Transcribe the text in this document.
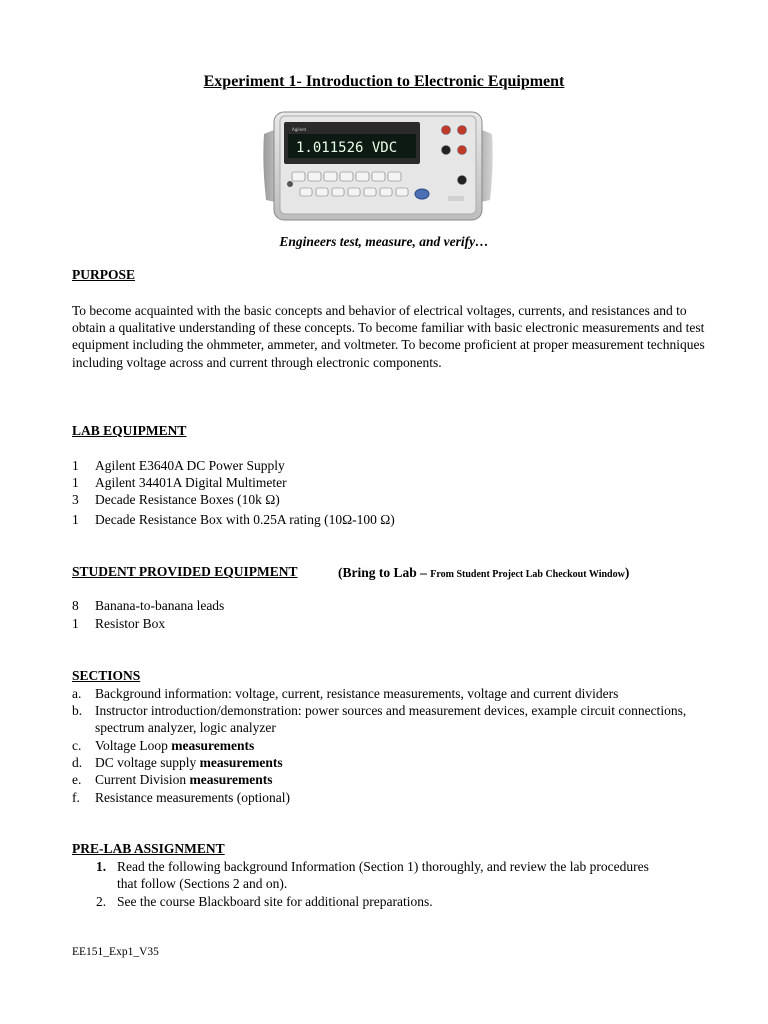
Experiment 1- Introduction to Electronic Equipment
Agilent
1.011526 VDC
Engineers test, measure, and verify…
PURPOSE
To become acquainted with the basic concepts and behavior of electrical voltages, currents, and resistances and to obtain a qualitative understanding of these concepts. To become familiar with basic electronic measurements and test equipment including the ohmmeter, ammeter, and voltmeter. To become proficient at proper measurement techniques including voltage across and current through electronic components.
LAB EQUIPMENT
1 Agilent E3640A DC Power Supply
1 Agilent 34401A Digital Multimeter
3 Decade Resistance Boxes (10k Ω)
1 Decade Resistance Box with 0.25A rating (10Ω-100 Ω)
STUDENT PROVIDED EQUIPMENT	(Bring to Lab – From Student Project Lab Checkout Window)
8 Banana-to-banana leads
1 Resistor Box
SECTIONS
a. Background information: voltage, current, resistance measurements, voltage and current dividers
b. Instructor introduction/demonstration: power sources and measurement devices, example circuit connections, spectrum analyzer, logic analyzer
c. Voltage Loop measurements
d. DC voltage supply measurements
e. Current Division measurements
f. Resistance measurements (optional)
PRE-LAB ASSIGNMENT
1. Read the following background Information (Section 1) thoroughly, and review the lab procedures that follow (Sections 2 and on).
2. See the course Blackboard site for additional preparations.
EE151_Exp1_V35
